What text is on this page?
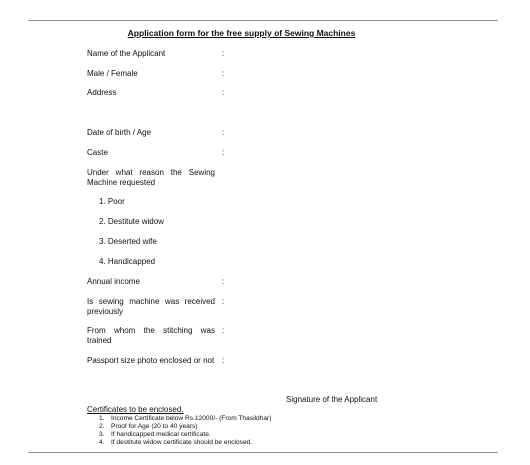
Application form for the free supply of Sewing Machines
Name of the Applicant	:
Male / Female	:
Address	:
Date of birth / Age	:
Caste	:
Under what reason the Sewing Machine requested
1. Poor
2. Destitute widow
3. Deserted wife
4. Handicapped
Annual income	:
Is sewing machine was received previously
:
From whom the stitching was trained
:
Passport size photo enclosed or not :
Signature of the Applicant
Certificates to be enclosed.
1. Income Certificate below Rs.12000/- (From Thasildhar)
2. Proof for Age (20 to 40 years)
3. If handicapped medical certificate.
4. If destitute widow certificate should be enclosed.
